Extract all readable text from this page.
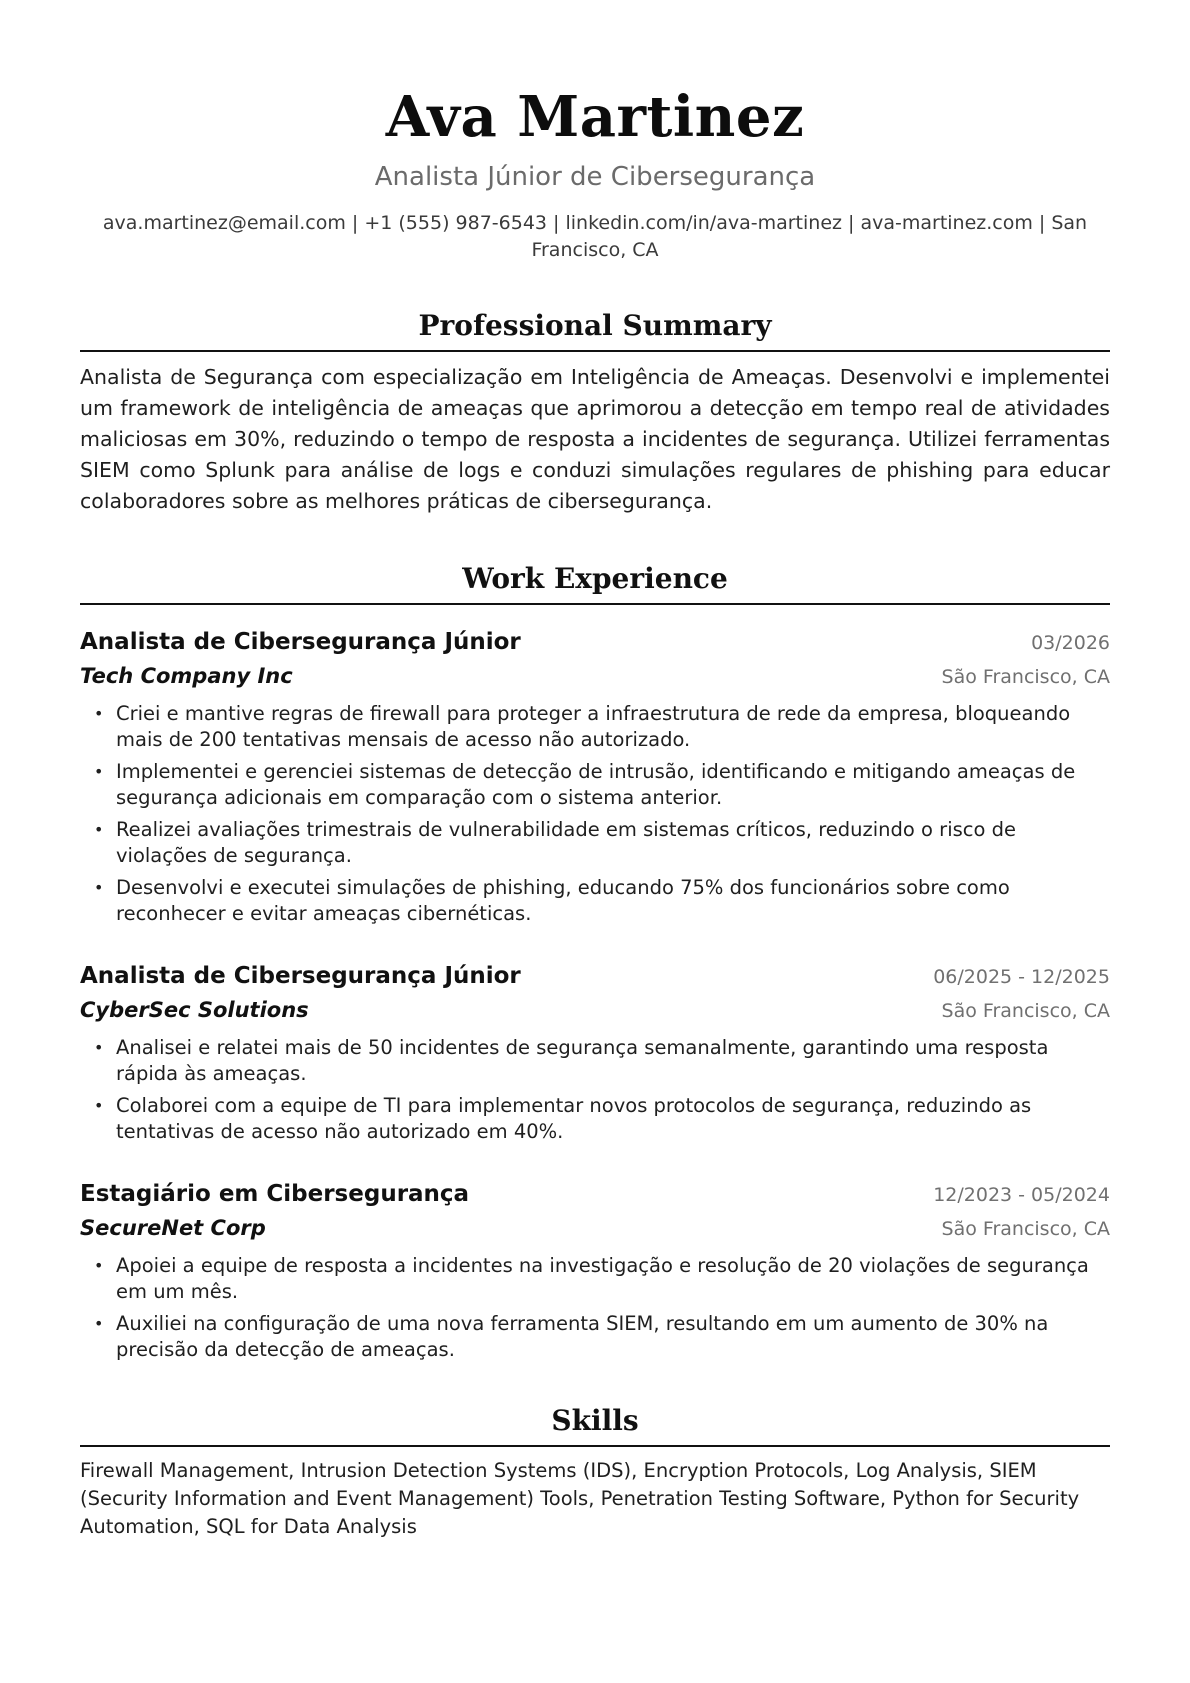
Ava Martinez
Analista Júnior de Cibersegurança
ava.martinez@email.com | +1 (555) 987-6543 | linkedin.com/in/ava-martinez | ava-martinez.com | San Francisco, CA
Professional Summary

Analista de Segurança com especialização em Inteligência de Ameaças. Desenvolvi e implementei um framework de inteligência de ameaças que aprimorou a detecção em tempo real de atividades maliciosas em 30%, reduzindo o tempo de resposta a incidentes de segurança. Utilizei ferramentas SIEM como Splunk para análise de logs e conduzi simulações regulares de phishing para educar colaboradores sobre as melhores práticas de cibersegurança.

Work Experience
Analista de Cibersegurança Júnior	03/2026
Tech Company Inc	São Francisco, CA
• Criei e mantive regras de firewall para proteger a infraestrutura de rede da empresa, bloqueando mais de 200 tentativas mensais de acesso não autorizado.
• Implementei e gerenciei sistemas de detecção de intrusão, identificando e mitigando ameaças de segurança adicionais em comparação com o sistema anterior.
• Realizei avaliações trimestrais de vulnerabilidade em sistemas críticos, reduzindo o risco de violações de segurança.
• Desenvolvi e executei simulações de phishing, educando 75% dos funcionários sobre como reconhecer e evitar ameaças cibernéticas.
Analista de Cibersegurança Júnior	06/2025 - 12/2025
CyberSec Solutions	São Francisco, CA
• Analisei e relatei mais de 50 incidentes de segurança semanalmente, garantindo uma resposta rápida às ameaças.
• Colaborei com a equipe de TI para implementar novos protocolos de segurança, reduzindo as tentativas de acesso não autorizado em 40%.
Estagiário em Cibersegurança	12/2023 - 05/2024
SecureNet Corp	São Francisco, CA
• Apoiei a equipe de resposta a incidentes na investigação e resolução de 20 violações de segurança em um mês.
• Auxiliei na configuração de uma nova ferramenta SIEM, resultando em um aumento de 30% na precisão da detecção de ameaças.
Skills

Firewall Management, Intrusion Detection Systems (IDS), Encryption Protocols, Log Analysis, SIEM (Security Information and Event Management) Tools, Penetration Testing Software, Python for Security Automation, SQL for Data Analysis
